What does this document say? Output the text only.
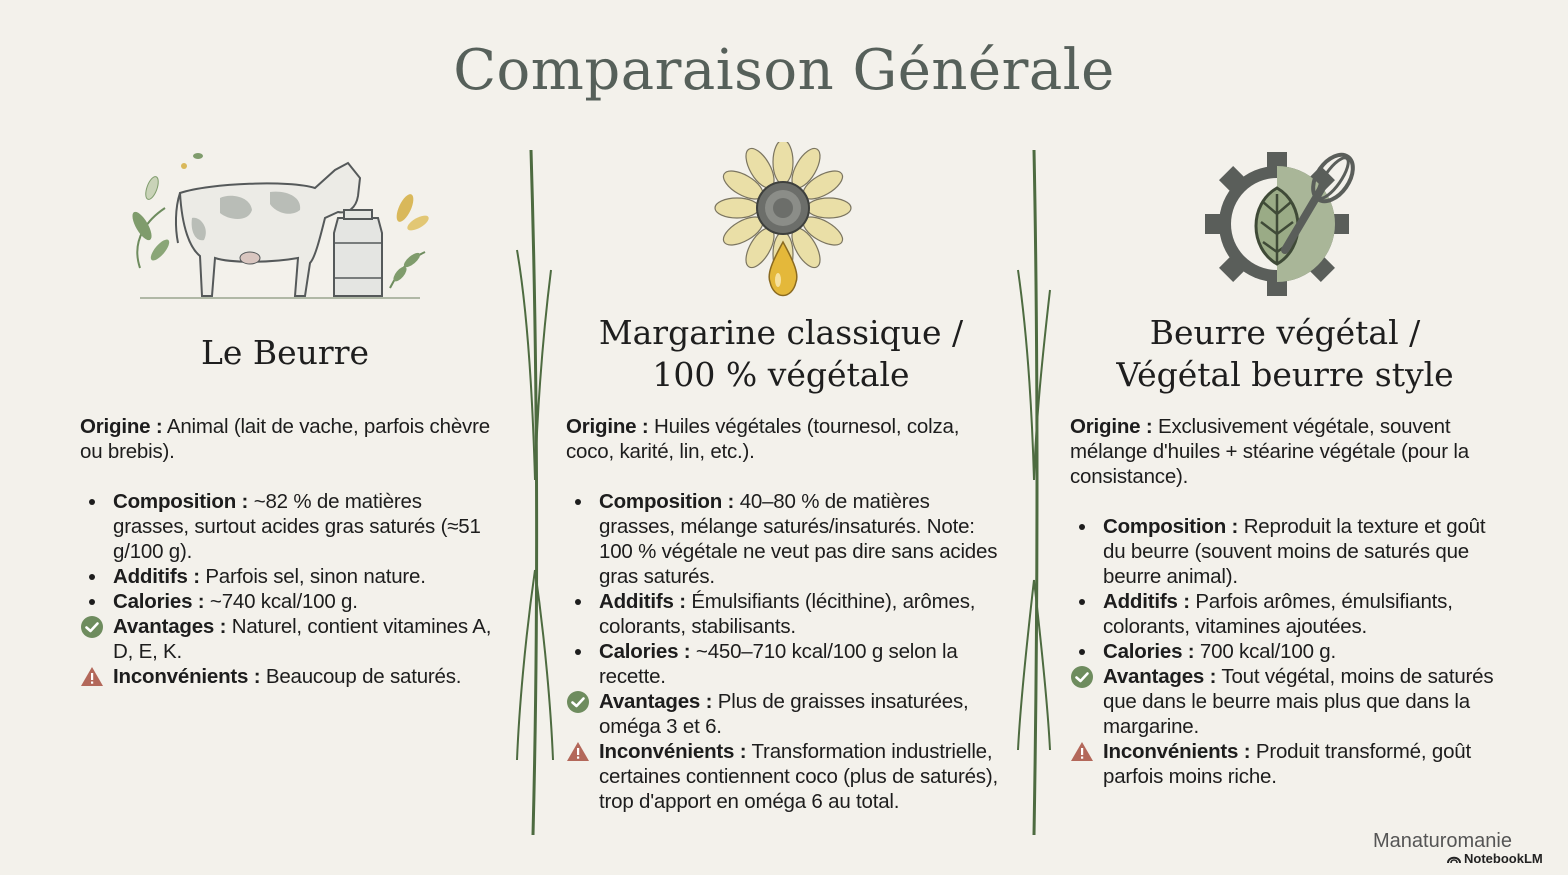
Comparaison Générale
Le Beurre
Origine : Animal (lait de vache, parfois chèvre ou brebis).
Composition : ~82 % de matières grasses, surtout acides gras saturés (≈51 g/100 g).
Additifs : Parfois sel, sinon nature.
Calories : ~740 kcal/100 g.
Avantages : Naturel, contient vitamines A, D, E, K.
Inconvénients : Beaucoup de saturés.
Margarine classique /
100 % végétale
Origine : Huiles végétales (tournesol, colza, coco, karité, lin, etc.).
Composition : 40–80 % de matières grasses, mélange saturés/insaturés. Note: 100 % végétale ne veut pas dire sans acides gras saturés.
Additifs : Émulsifiants (lécithine), arômes, colorants, stabilisants.
Calories : ~450–710 kcal/100 g selon la recette.
Avantages : Plus de graisses insaturées, oméga 3 et 6.
Inconvénients : Transformation industrielle, certaines contiennent coco (plus de saturés), trop d'apport en oméga 6 au total.
Beurre végétal /
Végétal beurre style
Origine : Exclusivement végétale, souvent mélange d'huiles + stéarine végétale (pour la consistance).
Composition : Reproduit la texture et goût du beurre (souvent moins de saturés que beurre animal).
Additifs : Parfois arômes, émulsifiants, colorants, vitamines ajoutées.
Calories : 700 kcal/100 g.
Avantages : Tout végétal, moins de saturés que dans le beurre mais plus que dans la margarine.
Inconvénients : Produit transformé, goût parfois moins riche.
Manaturomanie
NotebookLM
